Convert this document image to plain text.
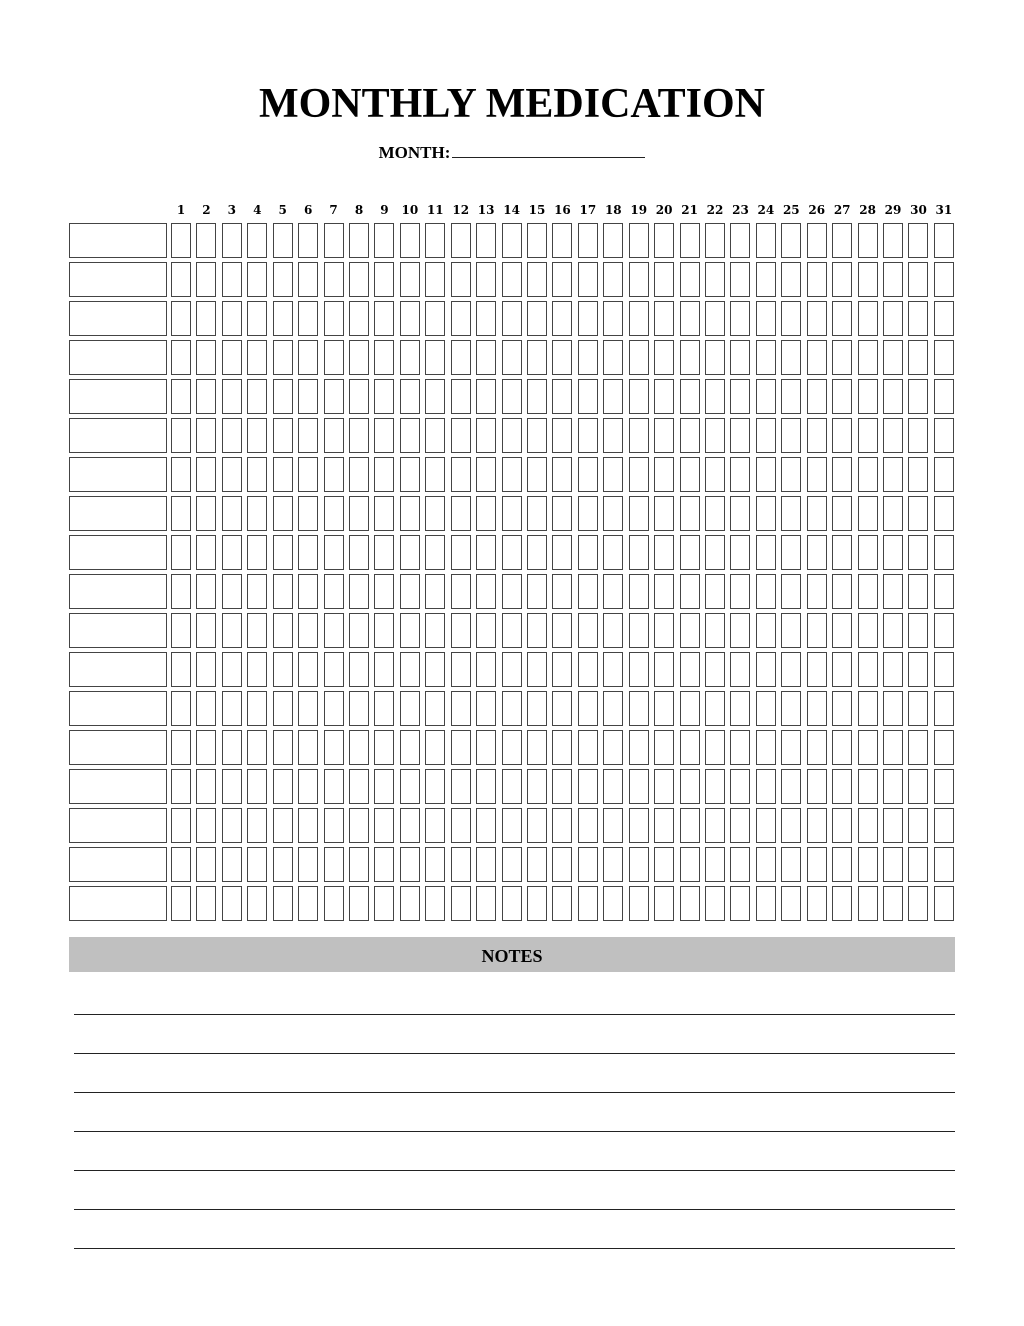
MONTHLY MEDICATION
MONTH:
1	2	3	4	5	6	7	8	9	10 11 12 13 14 15 16 17 18 19 20 21 22 23 24 25 26 27 28 29 30 31
NOTES
